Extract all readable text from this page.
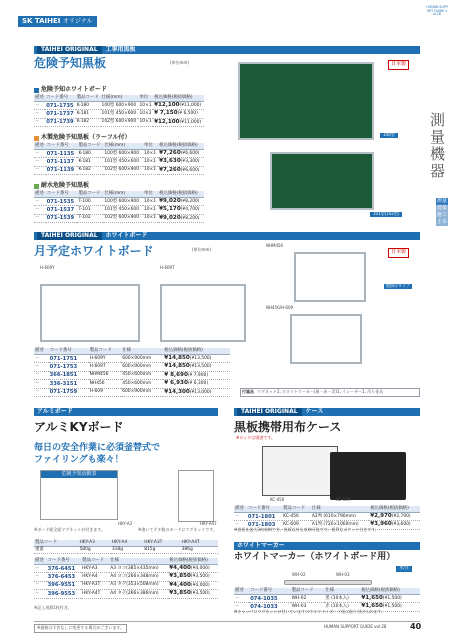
SK TAIHEI オリジナル
HUMAN SUPPORT GUIDE vol.28
測量機器
測量
建築
施工
土木
TAIHEI ORIGINAL 工事用黒板
危険予知黒板	(単位mm)	日本製
危険予知ホワイトボード
描述	コード番号	製品コード	仕様(mm)	単位	税込価格(税抜価格)
－	071-1735	K-180	100型 600×900	10×1	¥12,100(¥11,000)
－	071-1737	K-181	101型 450×600	10×2	¥ 7,150(¥ 6,500)
－	071-1739	K-182	102型 600×900	10×1	¥12,100(¥11,000)
木製危険予知黒板（ラーフル付）
描述	コード番号	製品コード	仕様(mm)	単位	税込価格(税抜価格)
－	071-1135	K-180	100型 600×900	10×1	¥7,260(¥6,600)
－	071-1137	K-181	101型 450×600	10×1	¥3,630(¥3,300)
－	071-1139	K-182	102型 600×900	10×1	¥7,260(¥6,600)
耐水危険予知黒板
描述	コード番号	製品コード	仕様(mm)	単位	税込価格(税抜価格)
－	071-1535	T-100	100型 600×900	10×1	¥9,020(¥8,200)
－	071-1537	T-101	101型 450×600	10×1	¥5,170(¥4,700)
－	071-1539	T-102	102型 600×900	10×1	¥9,020(¥8,200)
100型
101型(102型)
TAIHEI ORIGINAL ホワイトボード
月予定ホワイトボード	(単位mm)	日本製
H-609Y	H-609T
NHM456
NH456/H-609
壁掛けタイプ
描述	コード番号	製品コード	仕様	税込価格(税抜価格)
－	071-1751	H-609Y	600×900mm	¥14,850(¥13,500)
－	071-1753	H-609T	600×900mm	¥14,850(¥13,500)
－	366-1851	NHM456	450×600mm	¥ 8,690(¥ 7,900)
－	336-3151	NH456	450×600mm	¥ 6,930(¥ 6,300)
－	071-1759	H-609	600×900mm	¥14,300(¥13,000)	付属品 マグネット2, ホワイトマーカー(黒・赤・青)1, イレーザー1, 吊り金具
アルミボード
アルミKYボード
毎日の安全作業に必須釜替式で
ファイリングも楽々！
危険予知活動表
HKY-A3	HKY-A4T
※ボード面全面マグネットが付きます。	※書いてテキ数のボードにマグネットです。
製品コード	HKY-A3	HKY-A4	HKY-A3T	HKY-A4T
重量	580g	318g	815g	386g
描述	コード番号	製品コード	仕様	税込価格(税抜価格)
－	376-6451	HKY-A3	A3 ヨコ(385×435mm)	¥4,400(¥4,000)
－	376-6453	HKY-A4	A4 ヨコ(266×348mm)	¥3,850(¥3,500)
－	396-9551	HKY-A3T	A3 タテ(353×508mm)	¥4,400(¥4,000)
－	396-9553	HKY-A4T	A4 タテ(266×386mm)	¥3,850(¥3,500)
※記入用紙1枚付き。
TAIHEI ORIGINAL ケース
黒板携帯用布ケース
※ロッドは別途です。
KC-456	KC-609
描述	コード番号	製品コード	仕様	税込価格(税抜価格)
－	071-1801	KC-456	A2判 (610×790mm)	¥2,970(¥2,700)
－	071-1803	KC-609	A1判 (720×1060mm)	¥3,960(¥3,600)
※黒板を最大3枚収納でき、黒板以外も収納可能です。便利なポケット付きです。
ホワイトマーカー
ホワイトマーカー（ホワイトボード用）
水性
WH-02	WH-03
描述	コード番号	製品コード	仕様	税込価格(税抜価格)
－	074-1035	WH-02	黒 (10本入)	¥1,650(¥1,500)
－	074-1033	WH-03	赤 (10本入)	¥1,650(¥1,500)
※キャップにマグネットが付いていますのでホワイトボード面に貼り付けられます。
※価格は予告なしに変更する場合がございます。	HUMAN SUPPORT GUIDE vol.28	40
